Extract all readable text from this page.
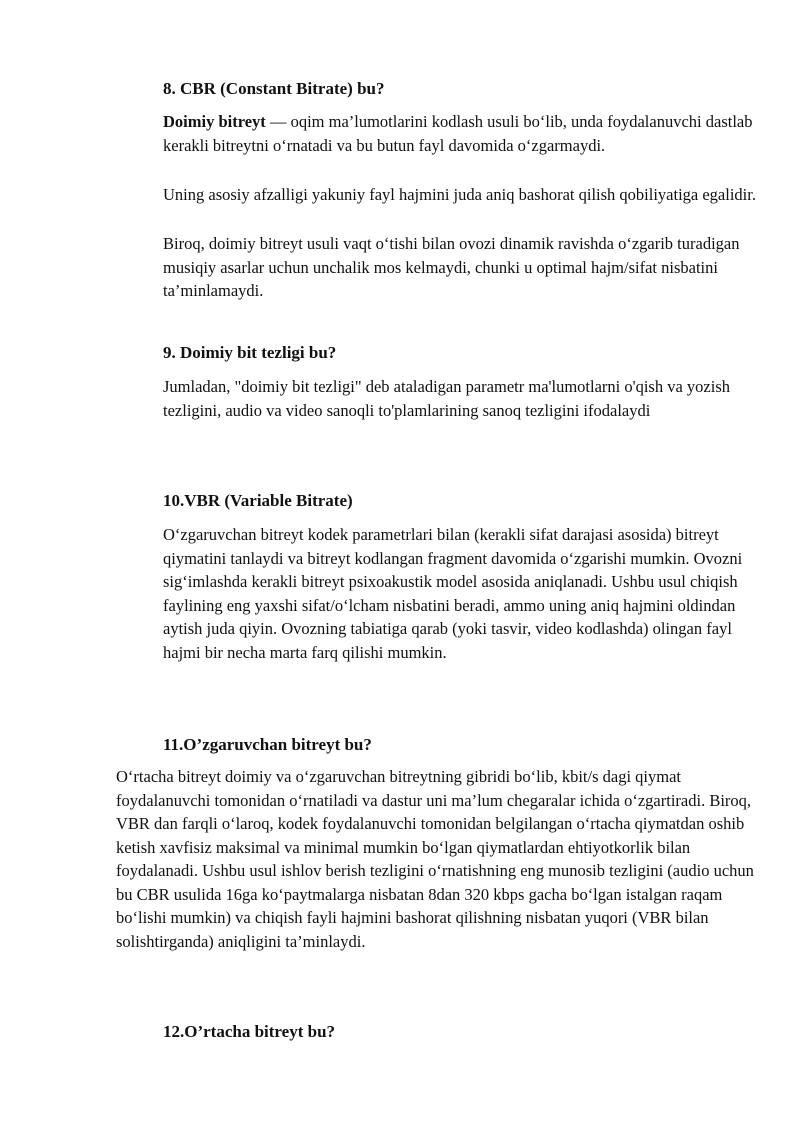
8. CBR (Constant Bitrate) bu?
Doimiy bitreyt — oqim ma’lumotlarini kodlash usuli bo‘lib, unda foydalanuvchi dastlab kerakli bitreytni o‘rnatadi va bu butun fayl davomida o‘zgarmaydi.
Uning asosiy afzalligi yakuniy fayl hajmini juda aniq bashorat qilish qobiliyatiga egalidir.
Biroq, doimiy bitreyt usuli vaqt o‘tishi bilan ovozi dinamik ravishda o‘zgarib turadigan musiqiy asarlar uchun unchalik mos kelmaydi, chunki u optimal hajm/sifat nisbatini ta’minlamaydi.
9. Doimiy bit tezligi bu?
Jumladan, "doimiy bit tezligi" deb ataladigan parametr ma'lumotlarni o'qish va yozish tezligini, audio va video sanoqli to'plamlarining sanoq tezligini ifodalaydi
10.VBR (Variable Bitrate)
O‘zgaruvchan bitreyt kodek parametrlari bilan (kerakli sifat darajasi asosida) bitreyt qiymatini tanlaydi va bitreyt kodlangan fragment davomida o‘zgarishi mumkin. Ovozni sig‘imlashda kerakli bitreyt psixoakustik model asosida aniqlanadi. Ushbu usul chiqish faylining eng yaxshi sifat/o‘lcham nisbatini beradi, ammo uning aniq hajmini oldindan aytish juda qiyin. Ovozning tabiatiga qarab (yoki tasvir, video kodlashda) olingan fayl hajmi bir necha marta farq qilishi mumkin.
11.O’zgaruvchan bitreyt bu?
O‘rtacha bitreyt doimiy va o‘zgaruvchan bitreytning gibridi bo‘lib, kbit/s dagi qiymat foydalanuvchi tomonidan o‘rnatiladi va dastur uni ma’lum chegaralar ichida o‘zgartiradi. Biroq, VBR dan farqli o‘laroq, kodek foydalanuvchi tomonidan belgilangan o‘rtacha qiymatdan oshib ketish xavfisiz maksimal va minimal mumkin bo‘lgan qiymatlardan ehtiyotkorlik bilan foydalanadi. Ushbu usul ishlov berish tezligini o‘rnatishning eng munosib tezligini (audio uchun bu CBR usulida 16ga ko‘paytmalarga nisbatan 8dan 320 kbps gacha bo‘lgan istalgan raqam bo‘lishi mumkin) va chiqish fayli hajmini bashorat qilishning nisbatan yuqori (VBR bilan solishtirganda) aniqligini ta’minlaydi.
12.O’rtacha bitreyt bu?
